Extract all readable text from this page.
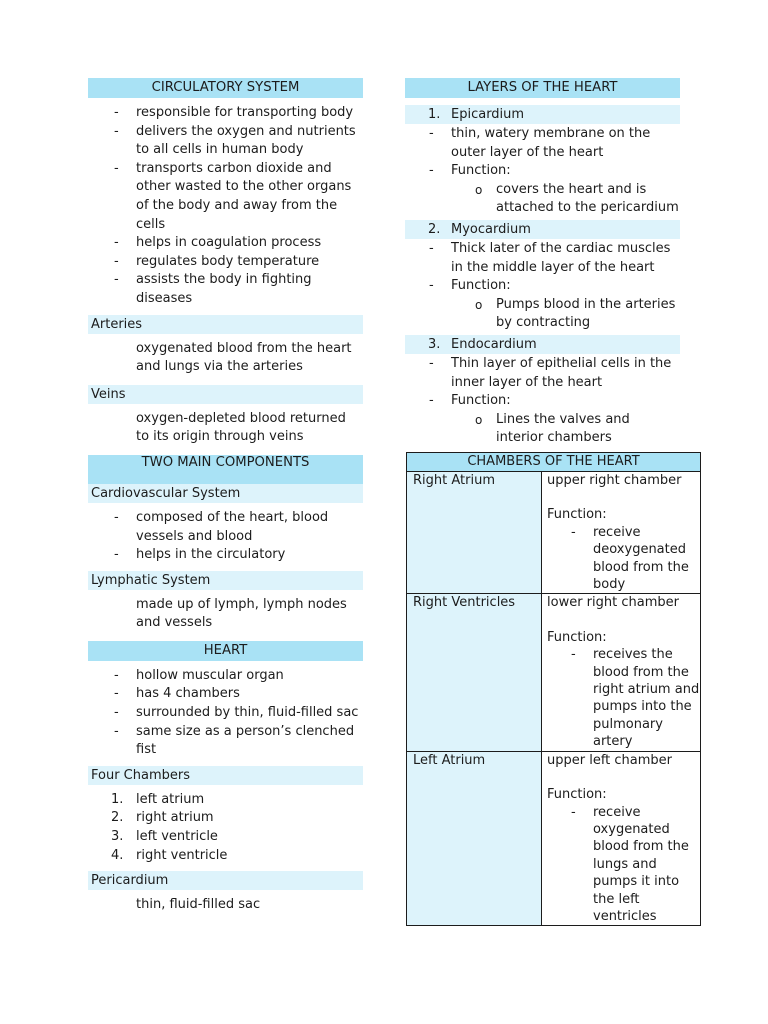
CIRCULATORY SYSTEM
- responsible for transporting body
- delivers the oxygen and nutrients to all cells in human body
- transports carbon dioxide and other wasted to the other organs of the body and away from the cells
- helps in coagulation process
- regulates body temperature
- assists the body in fighting diseases
Arteries
oxygenated blood from the heart and lungs via the arteries
Veins
oxygen-depleted blood returned to its origin through veins
TWO MAIN COMPONENTS
Cardiovascular System
- composed of the heart, blood vessels and blood
- helps in the circulatory
Lymphatic System
made up of lymph, lymph nodes and vessels
HEART
- hollow muscular organ
- has 4 chambers
- surrounded by thin, fluid-filled sac
- same size as a person’s clenched fist
Four Chambers
1. left atrium
2. right atrium
3. left ventricle
4. right ventricle
Pericardium
thin, fluid-filled sac
LAYERS OF THE HEART
1. Epicardium
- thin, watery membrane on the outer layer of the heart
- Function:
o covers the heart and is attached to the pericardium
2. Myocardium
- Thick later of the cardiac muscles in the middle layer of the heart
- Function:
o Pumps blood in the arteries by contracting
3. Endocardium
- Thin layer of epithelial cells in the inner layer of the heart
- Function:
o Lines the valves and interior chambers
CHAMBERS OF THE HEART	
Right Atrium	upper right chamber
Function:
- receive deoxygenated blood from the body

Right Ventricles	lower right chamber
Function:
- receives the blood from the right atrium and pumps into the pulmonary artery

Left Atrium	upper left chamber
Function:
- receive oxygenated blood from the lungs and pumps it into the left ventricles
